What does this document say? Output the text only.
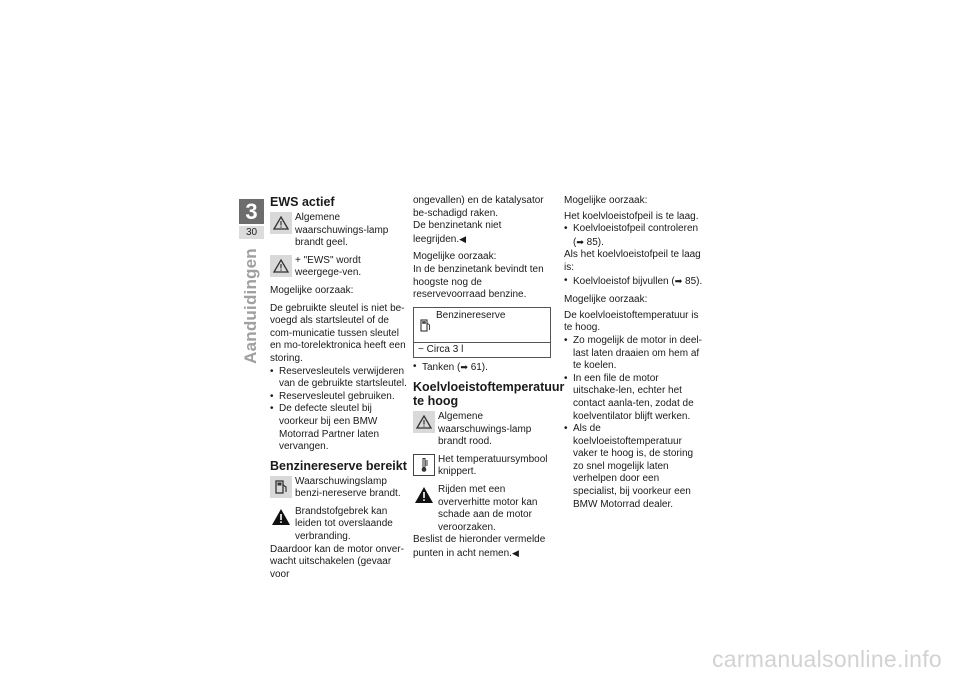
3
30
Aanduidingen
EWS actief
Algemene waarschuwings-lamp brandt geel.
+ "EWS" wordt weergege-ven.

Mogelijke oorzaak:

De gebruikte sleutel is niet be-voegd als startsleutel of de com-municatie tussen sleutel en mo-torelektronica heeft een storing.

• Reservesleutels verwijderen van de gebruikte startsleutel.
• Reservesleutel gebruiken.
• De defecte sleutel bij voorkeur bij een BMW Motorrad Partner laten vervangen.
Benzinereserve bereikt
Waarschuwingslamp benzi-nereserve brandt.
Brandstofgebrek kan leiden tot overslaande verbranding.

Daardoor kan de motor onver-wacht uitschakelen (gevaar voor

ongevallen) en de katalysator be-schadigd raken.

De benzinetank niet leegrijden.◀

Mogelijke oorzaak:

In de benzinetank bevindt ten hoogste nog de reservevoorraad benzine.

Benzinereserve
− Circa 3 l
• Tanken (➡ 61).
Koelvloeistoftemperatuur te hoog
Algemene waarschuwings-lamp brandt rood.
Het temperatuursymbool knippert.
Rijden met een oververhitte motor kan schade aan de motor veroorzaken.

Beslist de hieronder vermelde punten in acht nemen.◀

Mogelijke oorzaak:

Het koelvloeistofpeil is te laag.

• Koelvloeistofpeil controleren
(➡ 85).

Als het koelvloeistofpeil te laag is:

• Koelvloeistof bijvullen (➡ 85).

Mogelijke oorzaak:

De koelvloeistoftemperatuur is te hoog.

• Zo mogelijk de motor in deel-last laten draaien om hem af te koelen.
• In een file de motor uitschake-len, echter het contact aanla-ten, zodat de koelventilator blijft werken.
• Als de koelvloeistoftemperatuur vaker te hoog is, de storing zo snel mogelijk laten verhelpen door een specialist, bij voorkeur een BMW Motorrad dealer.
carmanualsonline.info
